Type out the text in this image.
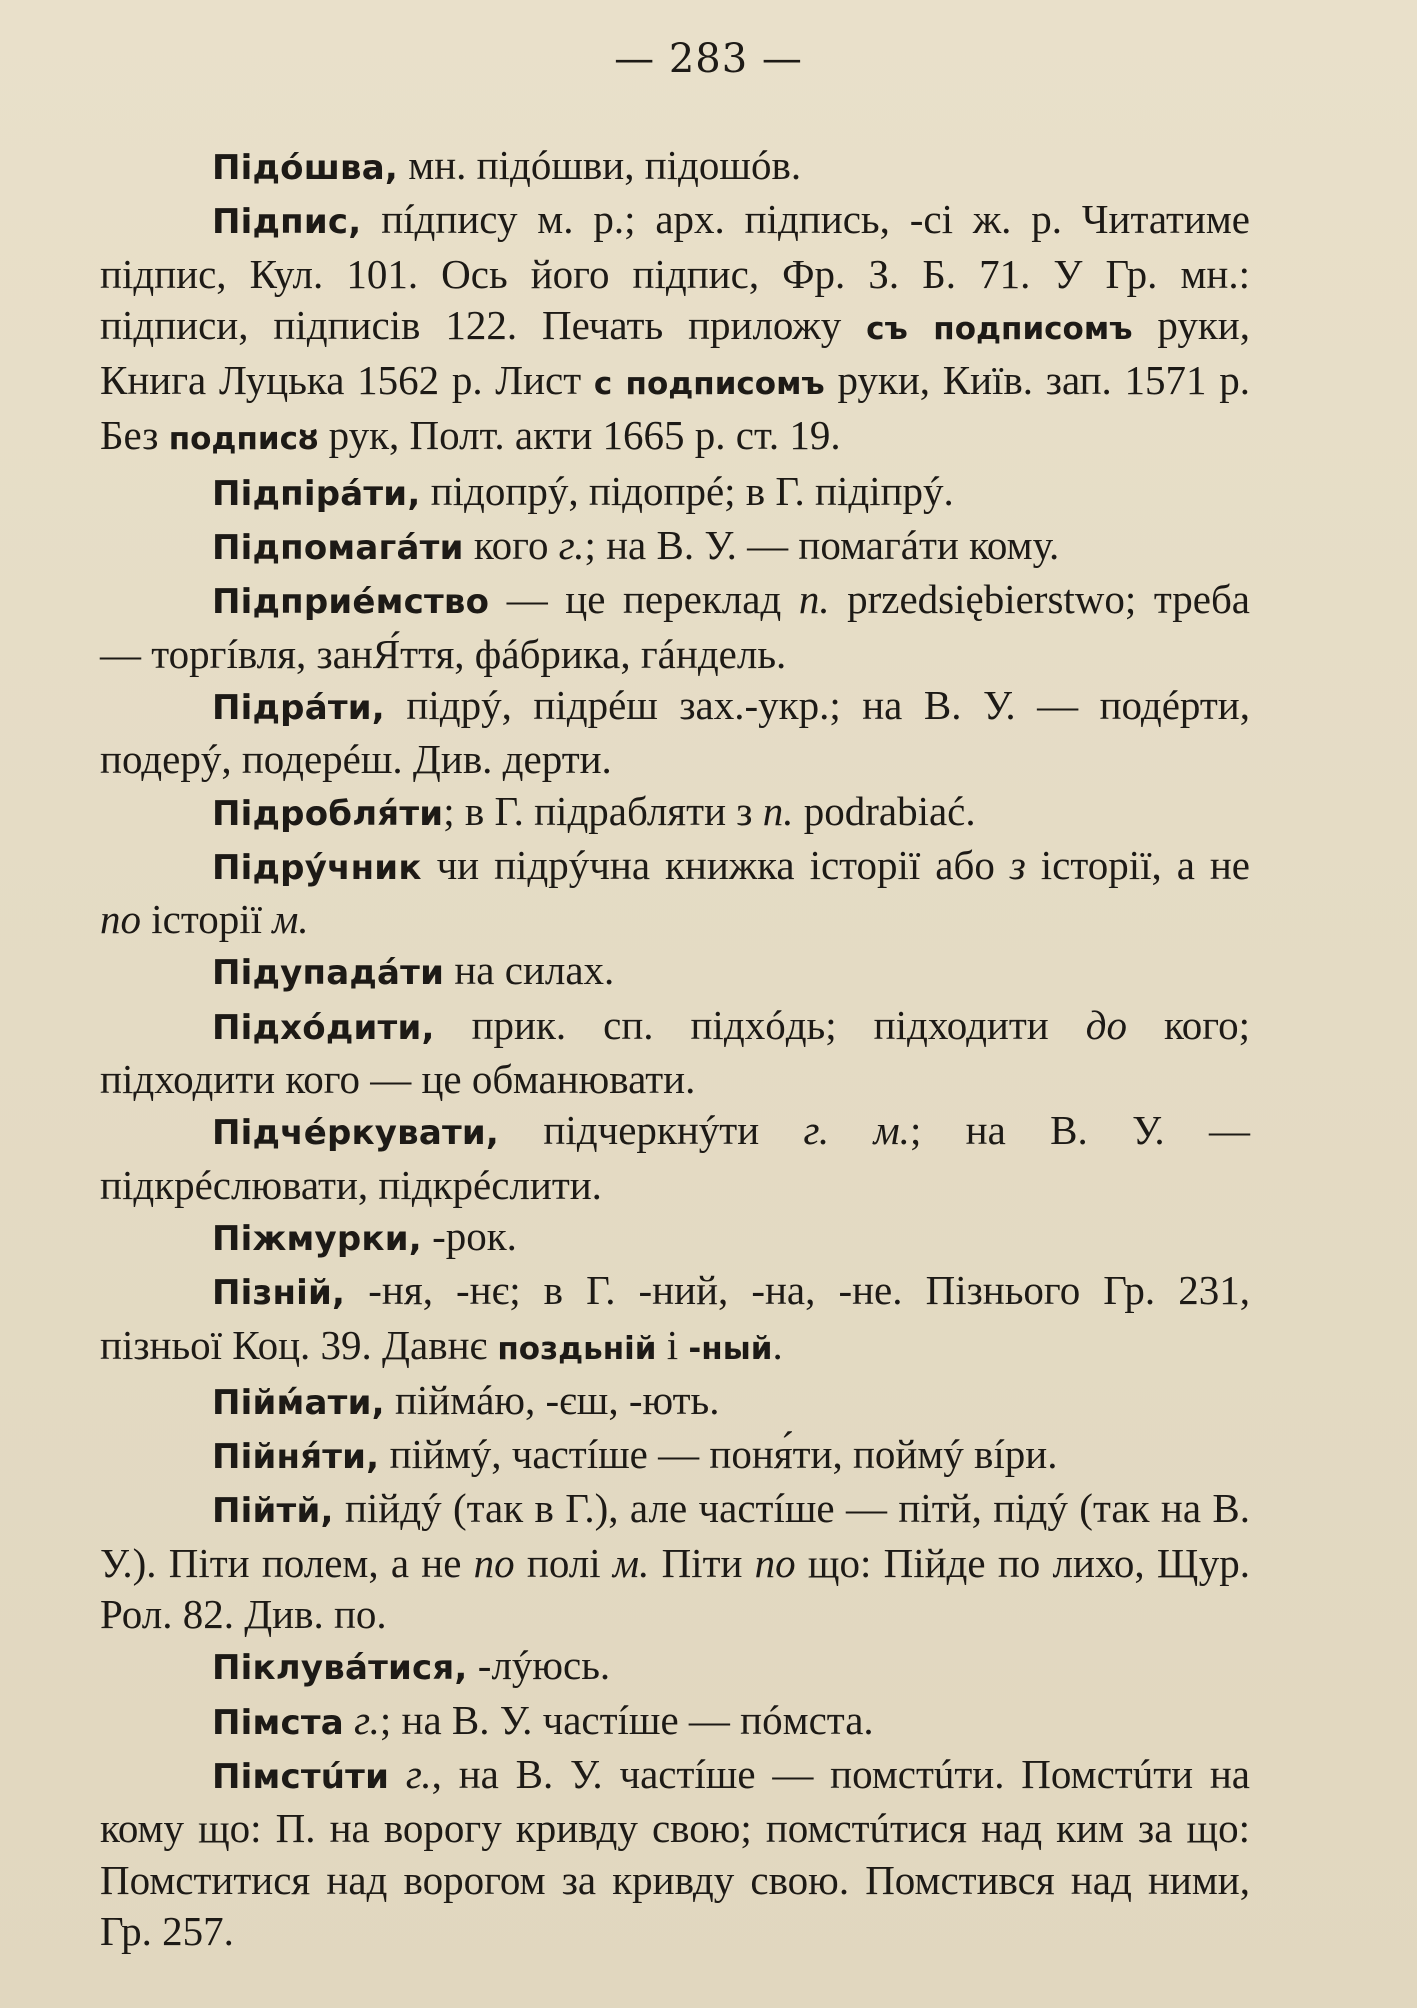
— 283 —

Підóшва, мн. підóшви, підошóв.

Підпис, пíдпису м. р.; арх. підпись, -сі ж. р. Читатиме підпис, Кул. 101. Ось його підпис, Фр. З. Б. 71. У Гр. мн.: підписи, підписів 122. Печать приложу съ подписомъ руки, Книга Луцька 1562 р. Лист с подписомъ руки, Київ. зап. 1571 р. Без подписȣ рук, Полт. акти 1665 р. ст. 19.

Підпірáти, підопрý, підопрé; в Г. підіпрý.

Підпомагáти кого г.; на В. У. — помагáти кому.

Підприéмство — це переклад п. przedsiębierstwo; треба — торгíвля, занЯ́ття, фáбрика, гáндель.

Підрáти, підрý, підрéш зах.-укр.; на В. У. — подéрти, подерý, подерéш. Див. дерти.

Підробля́ти; в Г. підрабляти з п. podrabiać.

Підрýчник чи підрýчна книжка історії або з історії, а не по історії м.

Підупадáти на силах.

Підхóдити, прик. сп. підхóдь; підходити до кого; підходити кого — це обманювати.

Підчéркувати, підчеркнýти г. м.; на В. У. — підкрéслювати, підкрéслити.

Піжмурки, -рок.

Пізній, -ня, -нє; в Г. -ний, -на, -не. Пізнього Гр. 231, пізньої Коц. 39. Давнє поздьній і -ный.

Пійм́ати, піймáю, -єш, -ють.

Пійня́ти, піймý, частíше — поня́ти, поймý вíри.

Пійтй, пійдý (так в Г.), але частíше — пітй, підý (так на В. У.). Піти полем, а не по полі м. Піти по що: Пійде по лихо, Щур. Рол. 82. Див. по.

Піклувáтися, -лýюсь.

Пімста г.; на В. У. частíше — пóмста.

Пімстúти г., на В. У. частíше — помстúти. Помстúти на кому що: П. на ворогу кривду свою; помстúтися над ким за що: Помститися над ворогом за кривду свою. Помстився над ними, Гр. 257.
